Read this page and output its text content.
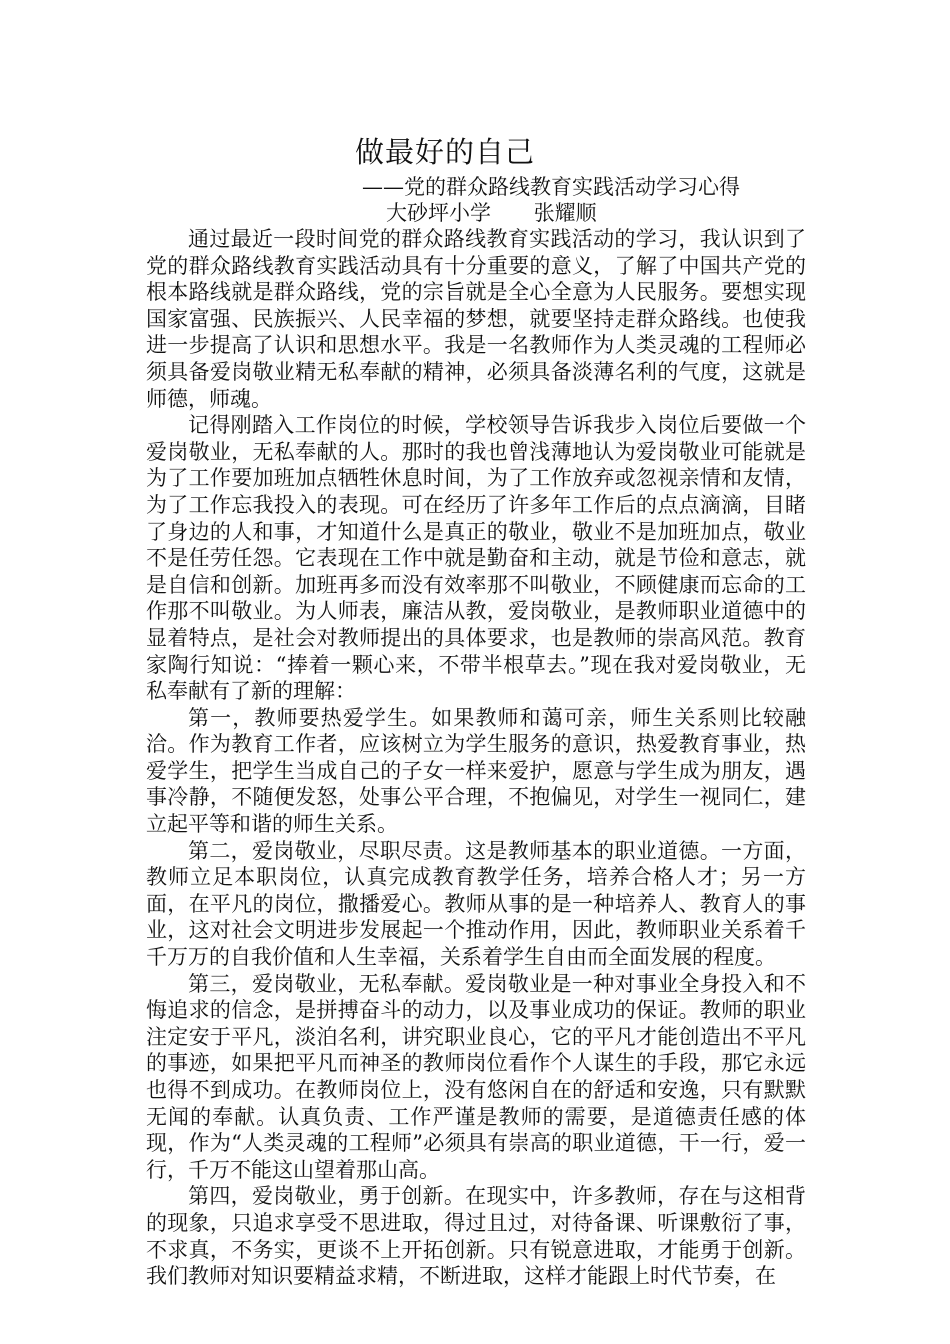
做最好的自己
——党的群众路线教育实践活动学习心得
大砂坪小学 张耀顺

通过最近一段时间党的群众路线教育实践活动的学习，我认识到了党的群众路线教育实践活动具有十分重要的意义，了解了中国共产党的根本路线就是群众路线，党的宗旨就是全心全意为人民服务。要想实现国家富强、民族振兴、人民幸福的梦想，就要坚持走群众路线。也使我进一步提高了认识和思想水平。我是一名教师作为人类灵魂的工程师必须具备爱岗敬业精无私奉献的精神，必须具备淡薄名利的气度，这就是师德，师魂。

记得刚踏入工作岗位的时候，学校领导告诉我步入岗位后要做一个爱岗敬业，无私奉献的人。那时的我也曾浅薄地认为爱岗敬业可能就是为了工作要加班加点牺牲休息时间，为了工作放弃或忽视亲情和友情，为了工作忘我投入的表现。可在经历了许多年工作后的点点滴滴，目睹了身边的人和事，才知道什么是真正的敬业，敬业不是加班加点，敬业不是任劳任怨。它表现在工作中就是勤奋和主动，就是节俭和意志，就是自信和创新。加班再多而没有效率那不叫敬业，不顾健康而忘命的工作那不叫敬业。为人师表，廉洁从教，爱岗敬业，是教师职业道德中的显着特点，是社会对教师提出的具体要求，也是教师的崇高风范。教育家陶行知说：“捧着一颗心来，不带半根草去。”现在我对爱岗敬业，无私奉献有了新的理解：

第一，教师要热爱学生。如果教师和蔼可亲，师生关系则比较融洽。作为教育工作者，应该树立为学生服务的意识，热爱教育事业，热爱学生，把学生当成自己的子女一样来爱护，愿意与学生成为朋友，遇事冷静，不随便发怒，处事公平合理，不抱偏见，对学生一视同仁，建立起平等和谐的师生关系。

第二，爱岗敬业，尽职尽责。这是教师基本的职业道德。一方面，教师立足本职岗位，认真完成教育教学任务，培养合格人才；另一方面，在平凡的岗位，撒播爱心。教师从事的是一种培养人、教育人的事业，这对社会文明进步发展起一个推动作用，因此，教师职业关系着千千万万的自我价值和人生幸福，关系着学生自由而全面发展的程度。

第三，爱岗敬业，无私奉献。爱岗敬业是一种对事业全身投入和不悔追求的信念，是拼搏奋斗的动力，以及事业成功的保证。教师的职业注定安于平凡，淡泊名利，讲究职业良心，它的平凡才能创造出不平凡的事迹，如果把平凡而神圣的教师岗位看作个人谋生的手段，那它永远也得不到成功。在教师岗位上，没有悠闲自在的舒适和安逸，只有默默无闻的奉献。认真负责、工作严谨是教师的需要，是道德责任感的体现，作为“人类灵魂的工程师”必须具有崇高的职业道德，干一行，爱一行，千万不能这山望着那山高。

第四，爱岗敬业，勇于创新。在现实中，许多教师，存在与这相背的现象，只追求享受不思进取，得过且过，对待备课、听课敷衍了事，不求真，不务实，更谈不上开拓创新。只有锐意进取，才能勇于创新。我们教师对知识要精益求精，不断进取，这样才能跟上时代节奏，在
